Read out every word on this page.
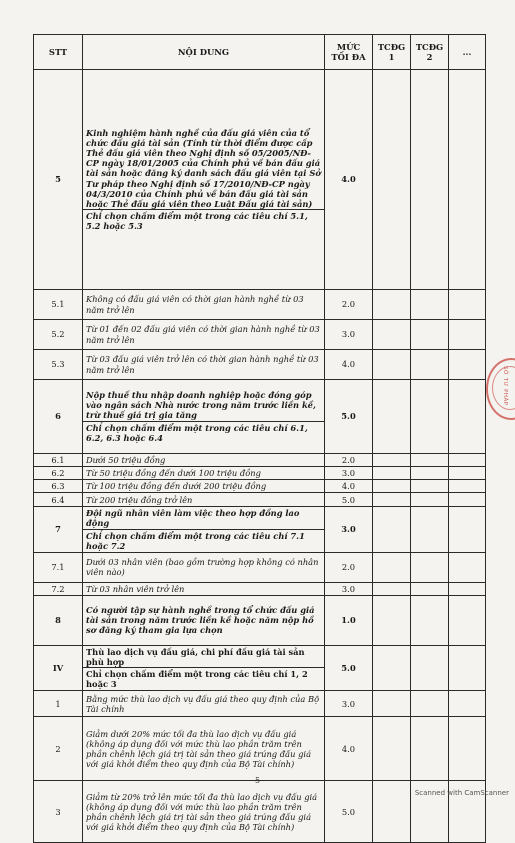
STT	NỘI DUNG	MỨC TỐI ĐA	TCĐG 1	TCĐG 2	...
5	Kinh nghiệm hành nghề của đấu giá viên của tổ chức đấu giá tài sản (Tính từ thời điểm được cấp Thẻ đấu giá viên theo Nghị định số 05/2005/NĐ-CP ngày 18/01/2005 của Chính phủ về bán đấu giá tài sản hoặc đăng ký danh sách đấu giá viên tại Sở Tư pháp theo Nghị định số 17/2010/NĐ-CP ngày 04/3/2010 của Chính phủ về bán đấu giá tài sản hoặc Thẻ đấu giá viên theo Luật Đấu giá tài sản)
Chỉ chọn chấm điểm một trong các tiêu chí 5.1, 5.2 hoặc 5.3	4.0			
5.1	Không có đấu giá viên có thời gian hành nghề từ 03 năm trở lên	2.0			
5.2	Từ 01 đến 02 đấu giá viên có thời gian hành nghề từ 03 năm trở lên	3.0			
5.3	Từ 03 đấu giá viên trở lên có thời gian hành nghề từ 03 năm trở lên	4.0			
6	Nộp thuế thu nhập doanh nghiệp hoặc đóng góp vào ngân sách Nhà nước trong năm trước liền kề, trừ thuế giá trị gia tăng
Chỉ chọn chấm điểm một trong các tiêu chí 6.1, 6.2, 6.3 hoặc 6.4	5.0			
6.1	Dưới 50 triệu đồng	2.0			
6.2	Từ 50 triệu đồng đến dưới 100 triệu đồng	3.0			
6.3	Từ 100 triệu đồng đến dưới 200 triệu đồng	4.0			
6.4	Từ 200 triệu đồng trở lên	5.0			
7	Đội ngũ nhân viên làm việc theo hợp đồng lao động
Chỉ chọn chấm điểm một trong các tiêu chí 7.1 hoặc 7.2	3.0			
7.1	Dưới 03 nhân viên (bao gồm trường hợp không có nhân viên nào)	2.0			
7.2	Từ 03 nhân viên trở lên	3.0			
8	Có người tập sự hành nghề trong tổ chức đấu giá tài sản trong năm trước liền kề hoặc năm nộp hồ sơ đăng ký tham gia lựa chọn	1.0			
IV	Thù lao dịch vụ đấu giá, chi phí đấu giá tài sản phù hợp
Chỉ chọn chấm điểm một trong các tiêu chí 1, 2 hoặc 3	5.0			
1	Bằng mức thù lao dịch vụ đấu giá theo quy định của Bộ Tài chính	3.0			
2	Giảm dưới 20% mức tối đa thù lao dịch vụ đấu giá (không áp dụng đối với mức thù lao phần trăm trên phần chênh lệch giá trị tài sản theo giá trúng đấu giá với giá khởi điểm theo quy định của Bộ Tài chính)	4.0			
3	Giảm từ 20% trở lên mức tối đa thù lao dịch vụ đấu giá (không áp dụng đối với mức thù lao phần trăm trên phần chênh lệch giá trị tài sản theo giá trúng đấu giá với giá khởi điểm theo quy định của Bộ Tài chính)	5.0			
SỞ TƯ PHÁP
5
Scanned with CamScanner
